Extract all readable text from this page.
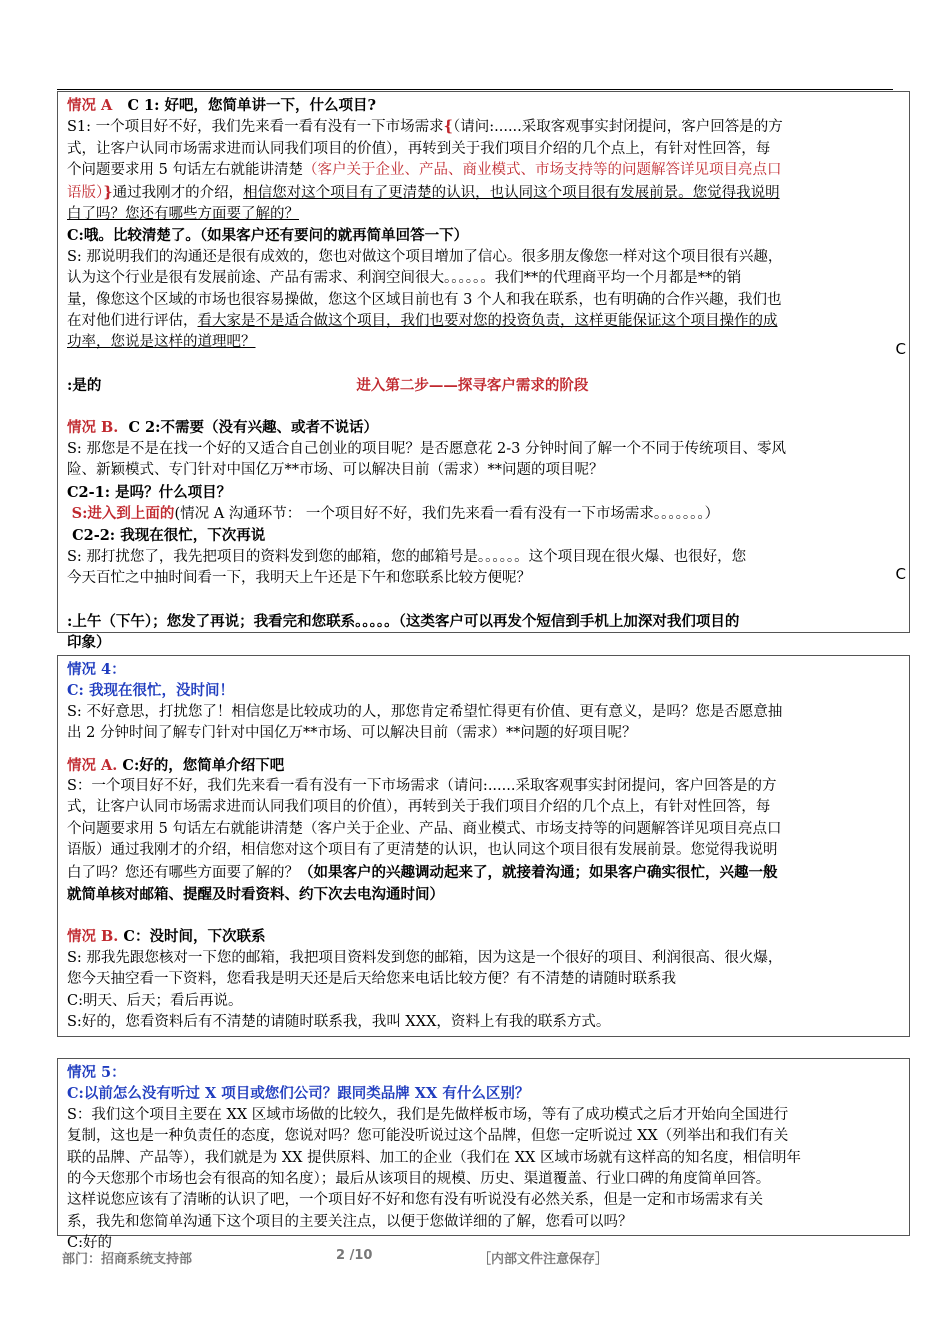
情况 A C 1: 好吧，您简单讲一下，什么项目?
S1: 一个项目好不好，我们先来看一看有没有一下市场需求{（请问:......采取客观事实封闭提问，客户回答是的方
式，让客户认同市场需求进而认同我们项目的价值），再转到关于我们项目介绍的几个点上，有针对性回答，每
个问题要求用 5 句话左右就能讲清楚（客户关于企业、产品、商业模式、市场支持等的问题解答详见项目亮点口
语版）}通过我刚才的介绍，相信您对这个项目有了更清楚的认识，也认同这个项目很有发展前景。您觉得我说明
白了吗？您还有哪些方面要了解的？
C:哦。比较清楚了。（如果客户还有要问的就再简单回答一下）
S: 那说明我们的沟通还是很有成效的，您也对做这个项目增加了信心。很多朋友像您一样对这个项目很有兴趣，
认为这个行业是很有发展前途、产品有需求、利润空间很大。。。。。。我们**的代理商平均一个月都是**的销
量，像您这个区域的市场也很容易操做，您这个区域目前也有 3 个人和我在联系，也有明确的合作兴趣，我们也
在对他们进行评估，看大家是不是适合做这个项目，我们也要对您的投资负责，这样更能保证这个项目操作的成
功率，您说是这样的道理吧？	C
:是的	进入第二步——探寻客户需求的阶段
情况 B. C 2:不需要（没有兴趣、或者不说话）
S: 那您是不是在找一个好的又适合自己创业的项目呢？是否愿意花 2-3 分钟时间了解一个不同于传统项目、零风
险、新颖模式、专门针对中国亿万**市场、可以解决目前（需求）**问题的项目呢？
C2-1: 是吗？什么项目？
S:进入到上面的(情况 A 沟通环节： 一个项目好不好，我们先来看一看有没有一下市场需求。。。。。。。）
C2-2: 我现在很忙，下次再说
S: 那打扰您了，我先把项目的资料发到您的邮箱，您的邮箱号是。。。。。。这个项目现在很火爆、也很好，您
今天百忙之中抽时间看一下，我明天上午还是下午和您联系比较方便呢？	C
:上午（下午）；您发了再说；我看完和您联系。。。。。（这类客户可以再发个短信到手机上加深对我们项目的
印象）
情况 4：
C: 我现在很忙，没时间！
S: 不好意思，打扰您了！相信您是比较成功的人，那您肯定希望忙得更有价值、更有意义，是吗？您是否愿意抽
出 2 分钟时间了解专门针对中国亿万**市场、可以解决目前（需求）**问题的好项目呢？
情况 A. C:好的，您简单介绍下吧
S：一个项目好不好，我们先来看一看有没有一下市场需求（请问:......采取客观事实封闭提问，客户回答是的方
式，让客户认同市场需求进而认同我们项目的价值），再转到关于我们项目介绍的几个点上，有针对性回答，每
个问题要求用 5 句话左右就能讲清楚（客户关于企业、产品、商业模式、市场支持等的问题解答详见项目亮点口
语版）通过我刚才的介绍，相信您对这个项目有了更清楚的认识，也认同这个项目很有发展前景。您觉得我说明
白了吗？您还有哪些方面要了解的？（如果客户的兴趣调动起来了，就接着沟通；如果客户确实很忙，兴趣一般
就简单核对邮箱、提醒及时看资料、约下次去电沟通时间）
情况 B. C：没时间，下次联系
S: 那我先跟您核对一下您的邮箱，我把项目资料发到您的邮箱，因为这是一个很好的项目、利润很高、很火爆，
您今天抽空看一下资料，您看我是明天还是后天给您来电话比较方便？有不清楚的请随时联系我
C:明天、后天；看后再说。
S:好的，您看资料后有不清楚的请随时联系我，我叫 XXX，资料上有我的联系方式。
情况 5：
C:以前怎么没有听过 X 项目或您们公司？跟同类品牌 XX 有什么区别？
S：我们这个项目主要在 XX 区域市场做的比较久，我们是先做样板市场，等有了成功模式之后才开始向全国进行
复制，这也是一种负责任的态度，您说对吗？您可能没听说过这个品牌，但您一定听说过 XX（列举出和我们有关
联的品牌、产品等），我们就是为 XX 提供原料、加工的企业（我们在 XX 区域市场就有这样高的知名度，相信明年
的今天您那个市场也会有很高的知名度）；最后从该项目的规模、历史、渠道覆盖、行业口碑的角度简单回答。
这样说您应该有了清晰的认识了吧，一个项目好不好和您有没有听说没有必然关系，但是一定和市场需求有关
系，我先和您简单沟通下这个项目的主要关注点，以便于您做详细的了解，您看可以吗？
C:好的
部门：招商系统支持部	2 /10	［内部文件注意保存］
